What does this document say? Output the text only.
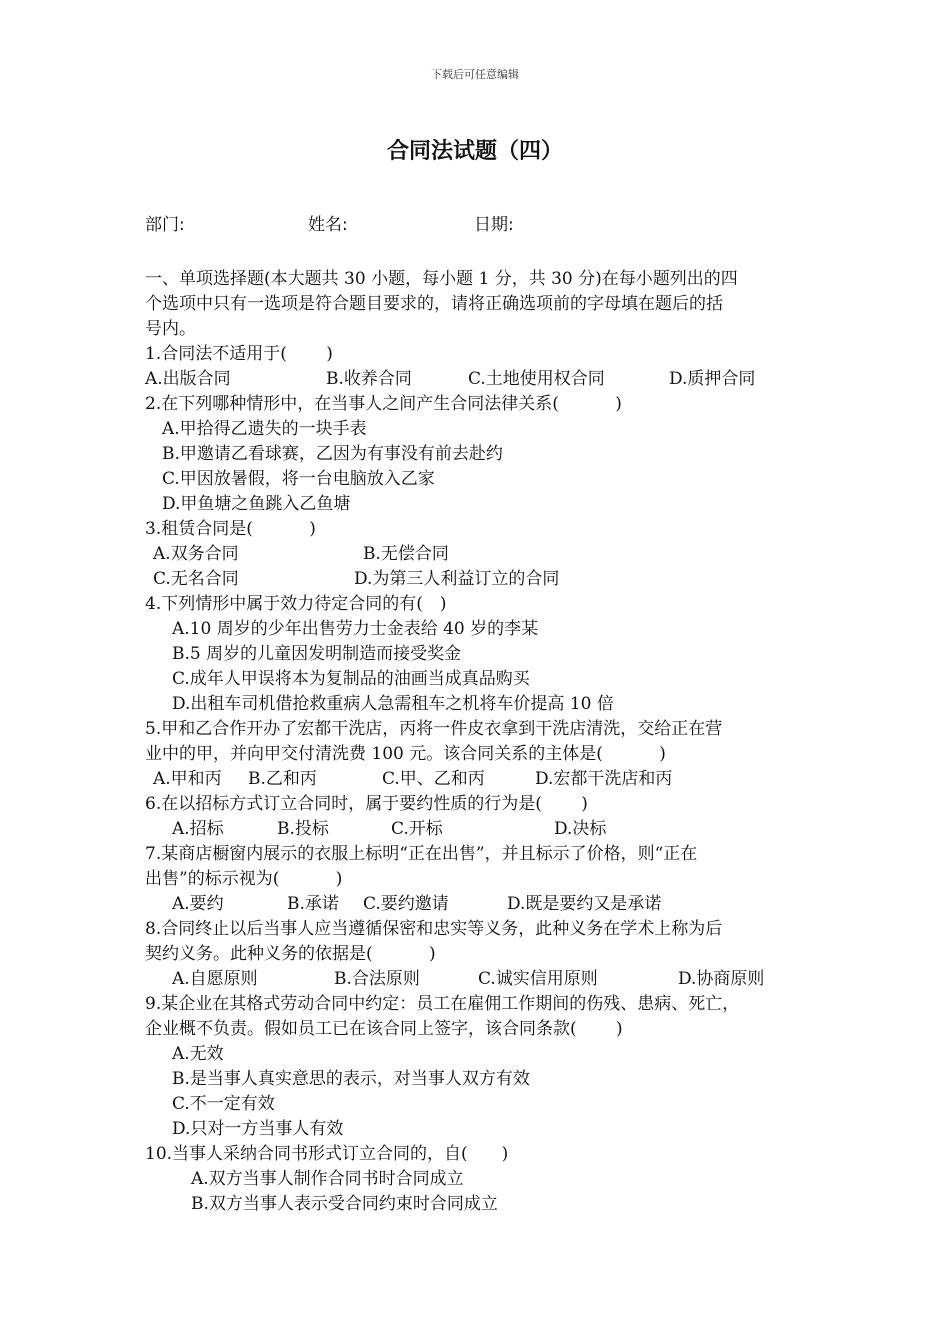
下载后可任意编辑
合同法试题（四）
部门:	姓名:	日期:
一、单项选择题(本大题共 30 小题，每小题 1 分，共 30 分)在每小题列出的四
个选项中只有一选项是符合题目要求的，请将正确选项前的字母填在题后的括
号内。
1.合同法不适用于(　　 )
A.出版合同	B.收养合同	C.土地使用权合同	D.质押合同
2.在下列哪种情形中，在当事人之间产生合同法律关系(　　　 )
A.甲拾得乙遗失的一块手表
B.甲邀请乙看球赛，乙因为有事没有前去赴约
C.甲因放暑假，将一台电脑放入乙家
D.甲鱼塘之鱼跳入乙鱼塘
3.租赁合同是(　　　 )
A.双务合同	B.无偿合同
C.无名合同	D.为第三人利益订立的合同
4.下列情形中属于效力待定合同的有(　)
A.10 周岁的少年出售劳力士金表给 40 岁的李某
B.5 周岁的儿童因发明制造而接受奖金
C.成年人甲误将本为复制品的油画当成真品购买
D.出租车司机借抢救重病人急需租车之机将车价提高 10 倍
5.甲和乙合作开办了宏都干洗店，丙将一件皮衣拿到干洗店清洗，交给正在营
业中的甲，并向甲交付清洗费 100 元。该合同关系的主体是(　　　 )
A.甲和丙 B.乙和丙	C.甲、乙和丙	D.宏都干洗店和丙
6.在以招标方式订立合同时，属于要约性质的行为是(　　 )
A.招标	B.投标	C.开标	D.决标
7.某商店橱窗内展示的衣服上标明“正在出售”，并且标示了价格，则“正在
出售”的标示视为(　　　 )
A.要约	B.承诺 C.要约邀请	D.既是要约又是承诺
8.合同终止以后当事人应当遵循保密和忠实等义务，此种义务在学术上称为后
契约义务。此种义务的依据是(　　　 )
A.自愿原则	B.合法原则	C.诚实信用原则	D.协商原则
9.某企业在其格式劳动合同中约定：员工在雇佣工作期间的伤残、患病、死亡，
企业概不负责。假如员工已在该合同上签字，该合同条款(　　 )
A.无效
B.是当事人真实意思的表示，对当事人双方有效
C.不一定有效
D.只对一方当事人有效
10.当事人采纳合同书形式订立合同的，自(　　)
A.双方当事人制作合同书时合同成立
B.双方当事人表示受合同约束时合同成立
